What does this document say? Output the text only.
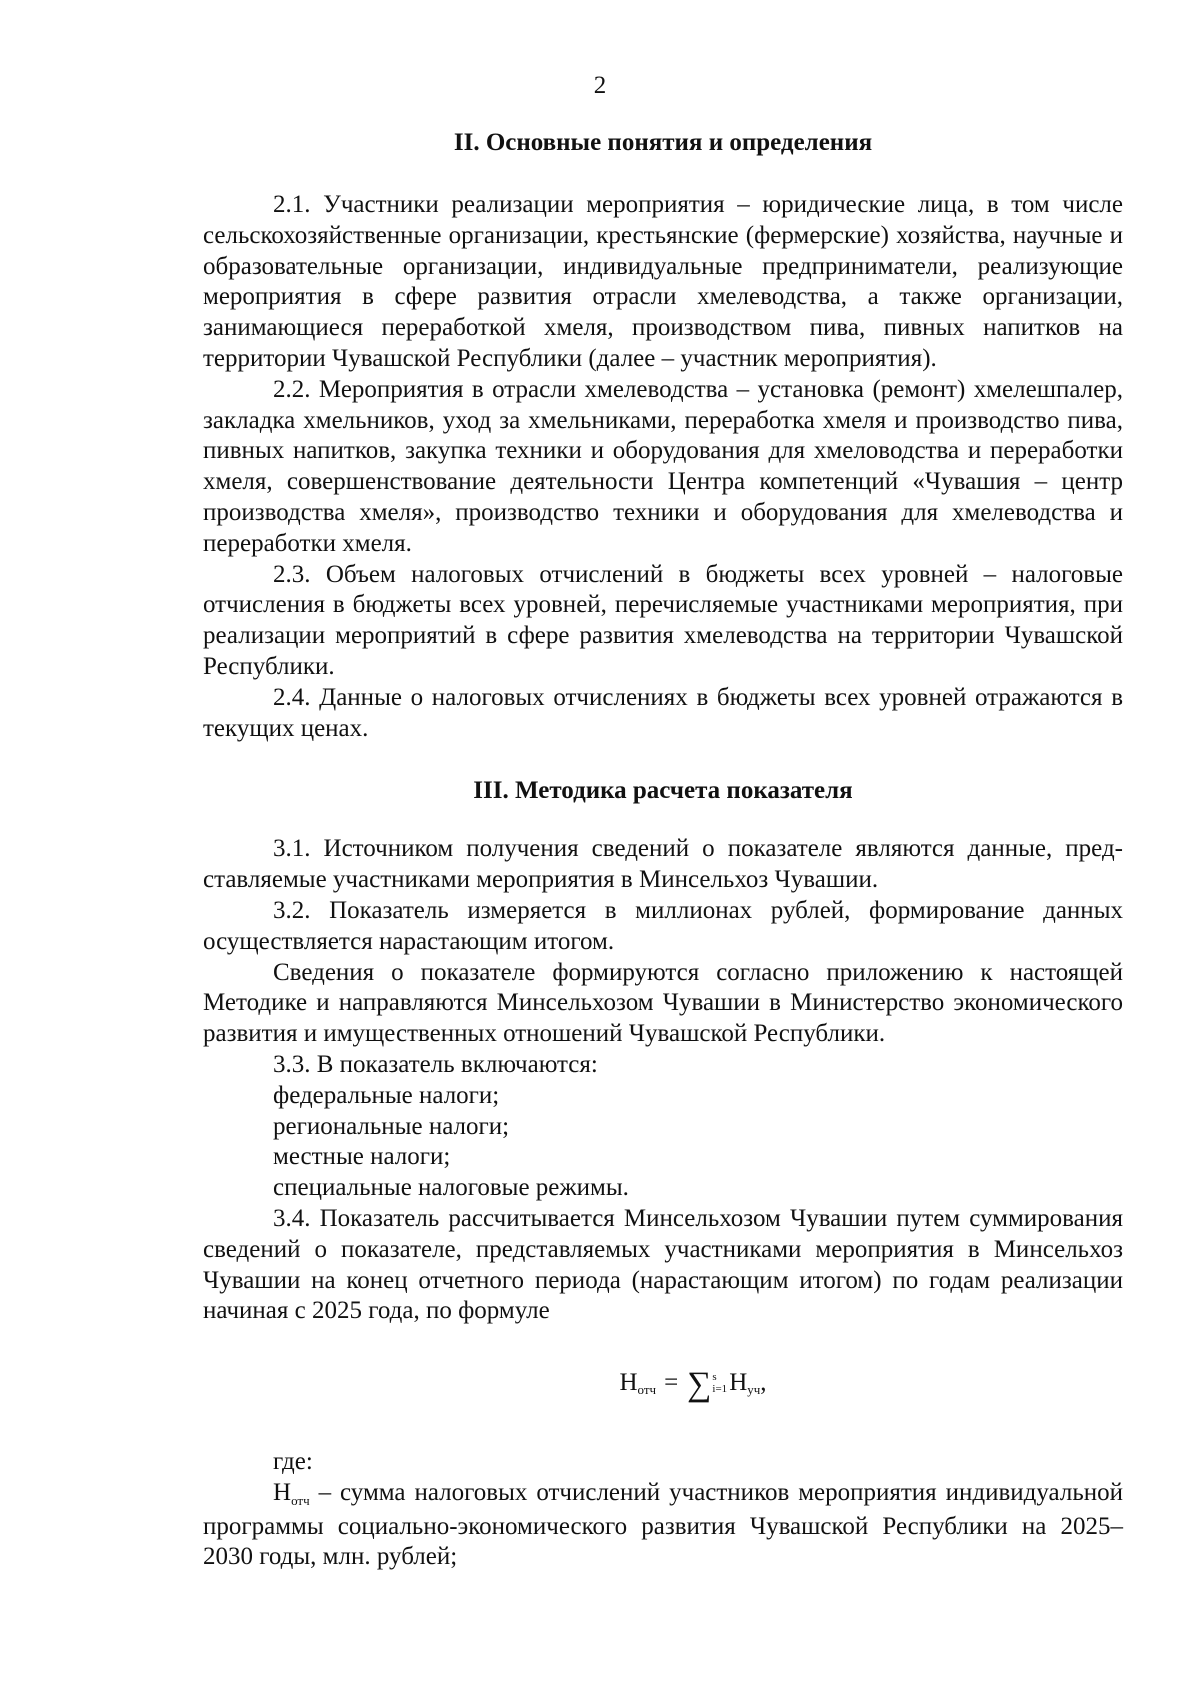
2
II. Основные понятия и определения

2.1. Участники реализации мероприятия – юридические лица, в том числе сельскохозяйственные организации, крестьянские (фермерские) хозяйства, научные и образовательные организации, индивидуальные предприниматели, реализующие мероприятия в сфере развития отрасли хмелеводства, а также организации, занимающиеся переработкой хмеля, производством пива, пивных напитков на территории Чувашской Республики (далее – участник мероприятия).

2.2. Мероприятия в отрасли хмелеводства – установка (ремонт) хмелешпалер, закладка хмельников, уход за хмельниками, переработка хмеля и производство пива, пивных напитков, закупка техники и оборудования для хмеловодства и переработки хмеля, совершенствование деятельности Центра компетенций «Чувашия – центр производства хмеля», производство техники и оборудования для хмелеводства и переработки хмеля.

2.3. Объем налоговых отчислений в бюджеты всех уровней – налоговые отчисления в бюджеты всех уровней, перечисляемые участниками мероприятия, при реализации мероприятий в сфере развития хмелеводства на территории Чувашской Республики.

2.4. Данные о налоговых отчислениях в бюджеты всех уровней отражаются в текущих ценах.

III. Методика расчета показателя

3.1. Источником получения сведений о показателе являются данные, представляемые участниками мероприятия в Минсельхоз Чувашии.

3.2. Показатель измеряется в миллионах рублей, формирование данных осуществляется нарастающим итогом.

Сведения о показателе формируются согласно приложению к настоящей Методике и направляются Минсельхозом Чувашии в Министерство экономического развития и имущественных отношений Чувашской Республики.

3.3. В показатель включаются:

федеральные налоги;

региональные налоги;

местные налоги;

специальные налоговые режимы.

3.4. Показатель рассчитывается Минсельхозом Чувашии путем суммирования сведений о показателе, представляемых участниками мероприятия в Минсельхоз Чувашии на конец отчетного периода (нарастающим итогом) по годам реализации начиная с 2025 года, по формуле

Н отч = ∑ s
i=1 Н уч ,

где:

$Н_{отч}$ – сумма налоговых отчислений участников мероприятия индивидуальной программы социально-экономического развития Чувашской Республики на 2025–2030 годы, млн. рублей;
